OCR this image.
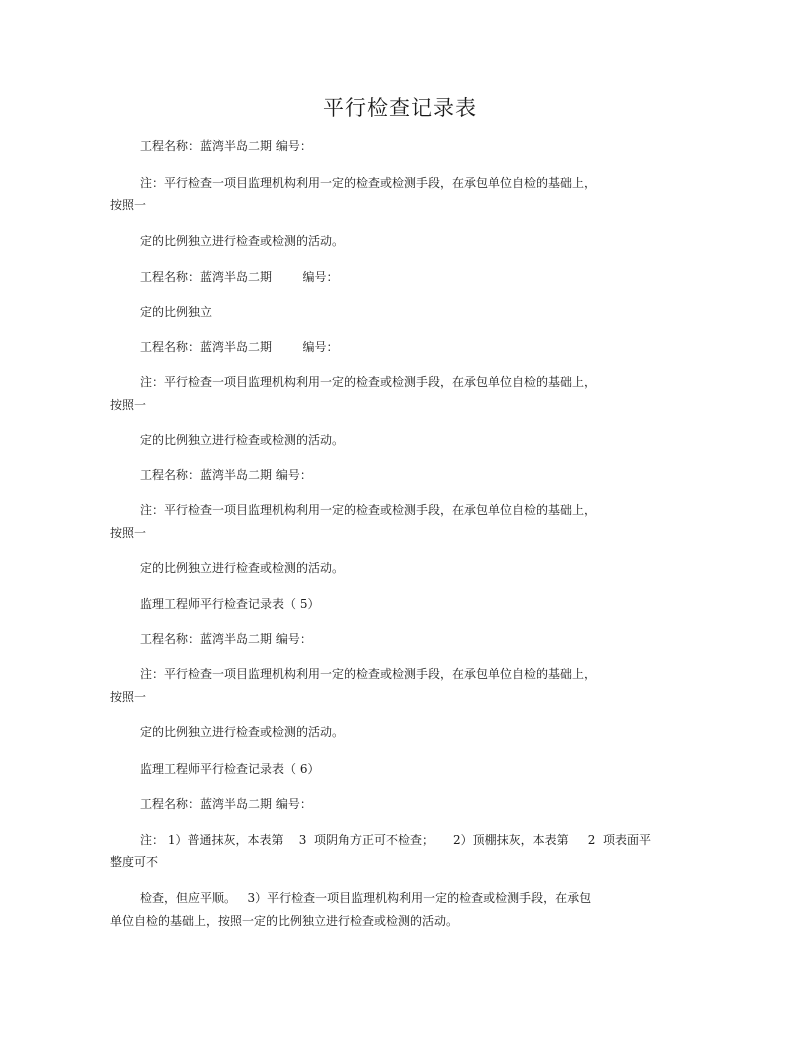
平行检查记录表
工程名称：蓝湾半岛二期 编号：
注：平行检查一项目监理机构利用一定的检查或检测手段，在承包单位自检的基础上，
按照一
定的比例独立进行检查或检测的活动。
工程名称：蓝湾半岛二期        编号：
定的比例独立
工程名称：蓝湾半岛二期        编号：
注：平行检查一项目监理机构利用一定的检查或检测手段，在承包单位自检的基础上，
按照一
定的比例独立进行检查或检测的活动。
工程名称：蓝湾半岛二期 编号：
注：平行检查一项目监理机构利用一定的检查或检测手段，在承包单位自检的基础上，
按照一
定的比例独立进行检查或检测的活动。
监理工程师平行检查记录表（ 5）
工程名称：蓝湾半岛二期 编号：
注：平行检查一项目监理机构利用一定的检查或检测手段，在承包单位自检的基础上，
按照一
定的比例独立进行检查或检测的活动。
监理工程师平行检查记录表（ 6）
工程名称：蓝湾半岛二期 编号：
注： 1）普通抹灰，本表第    3  项阴角方正可不检查；     2）顶棚抹灰，本表第     2  项表面平
整度可不
检查，但应平顺。   3）平行检查一项目监理机构利用一定的检查或检测手段，在承包
单位自检的基础上，按照一定的比例独立进行检查或检测的活动。
